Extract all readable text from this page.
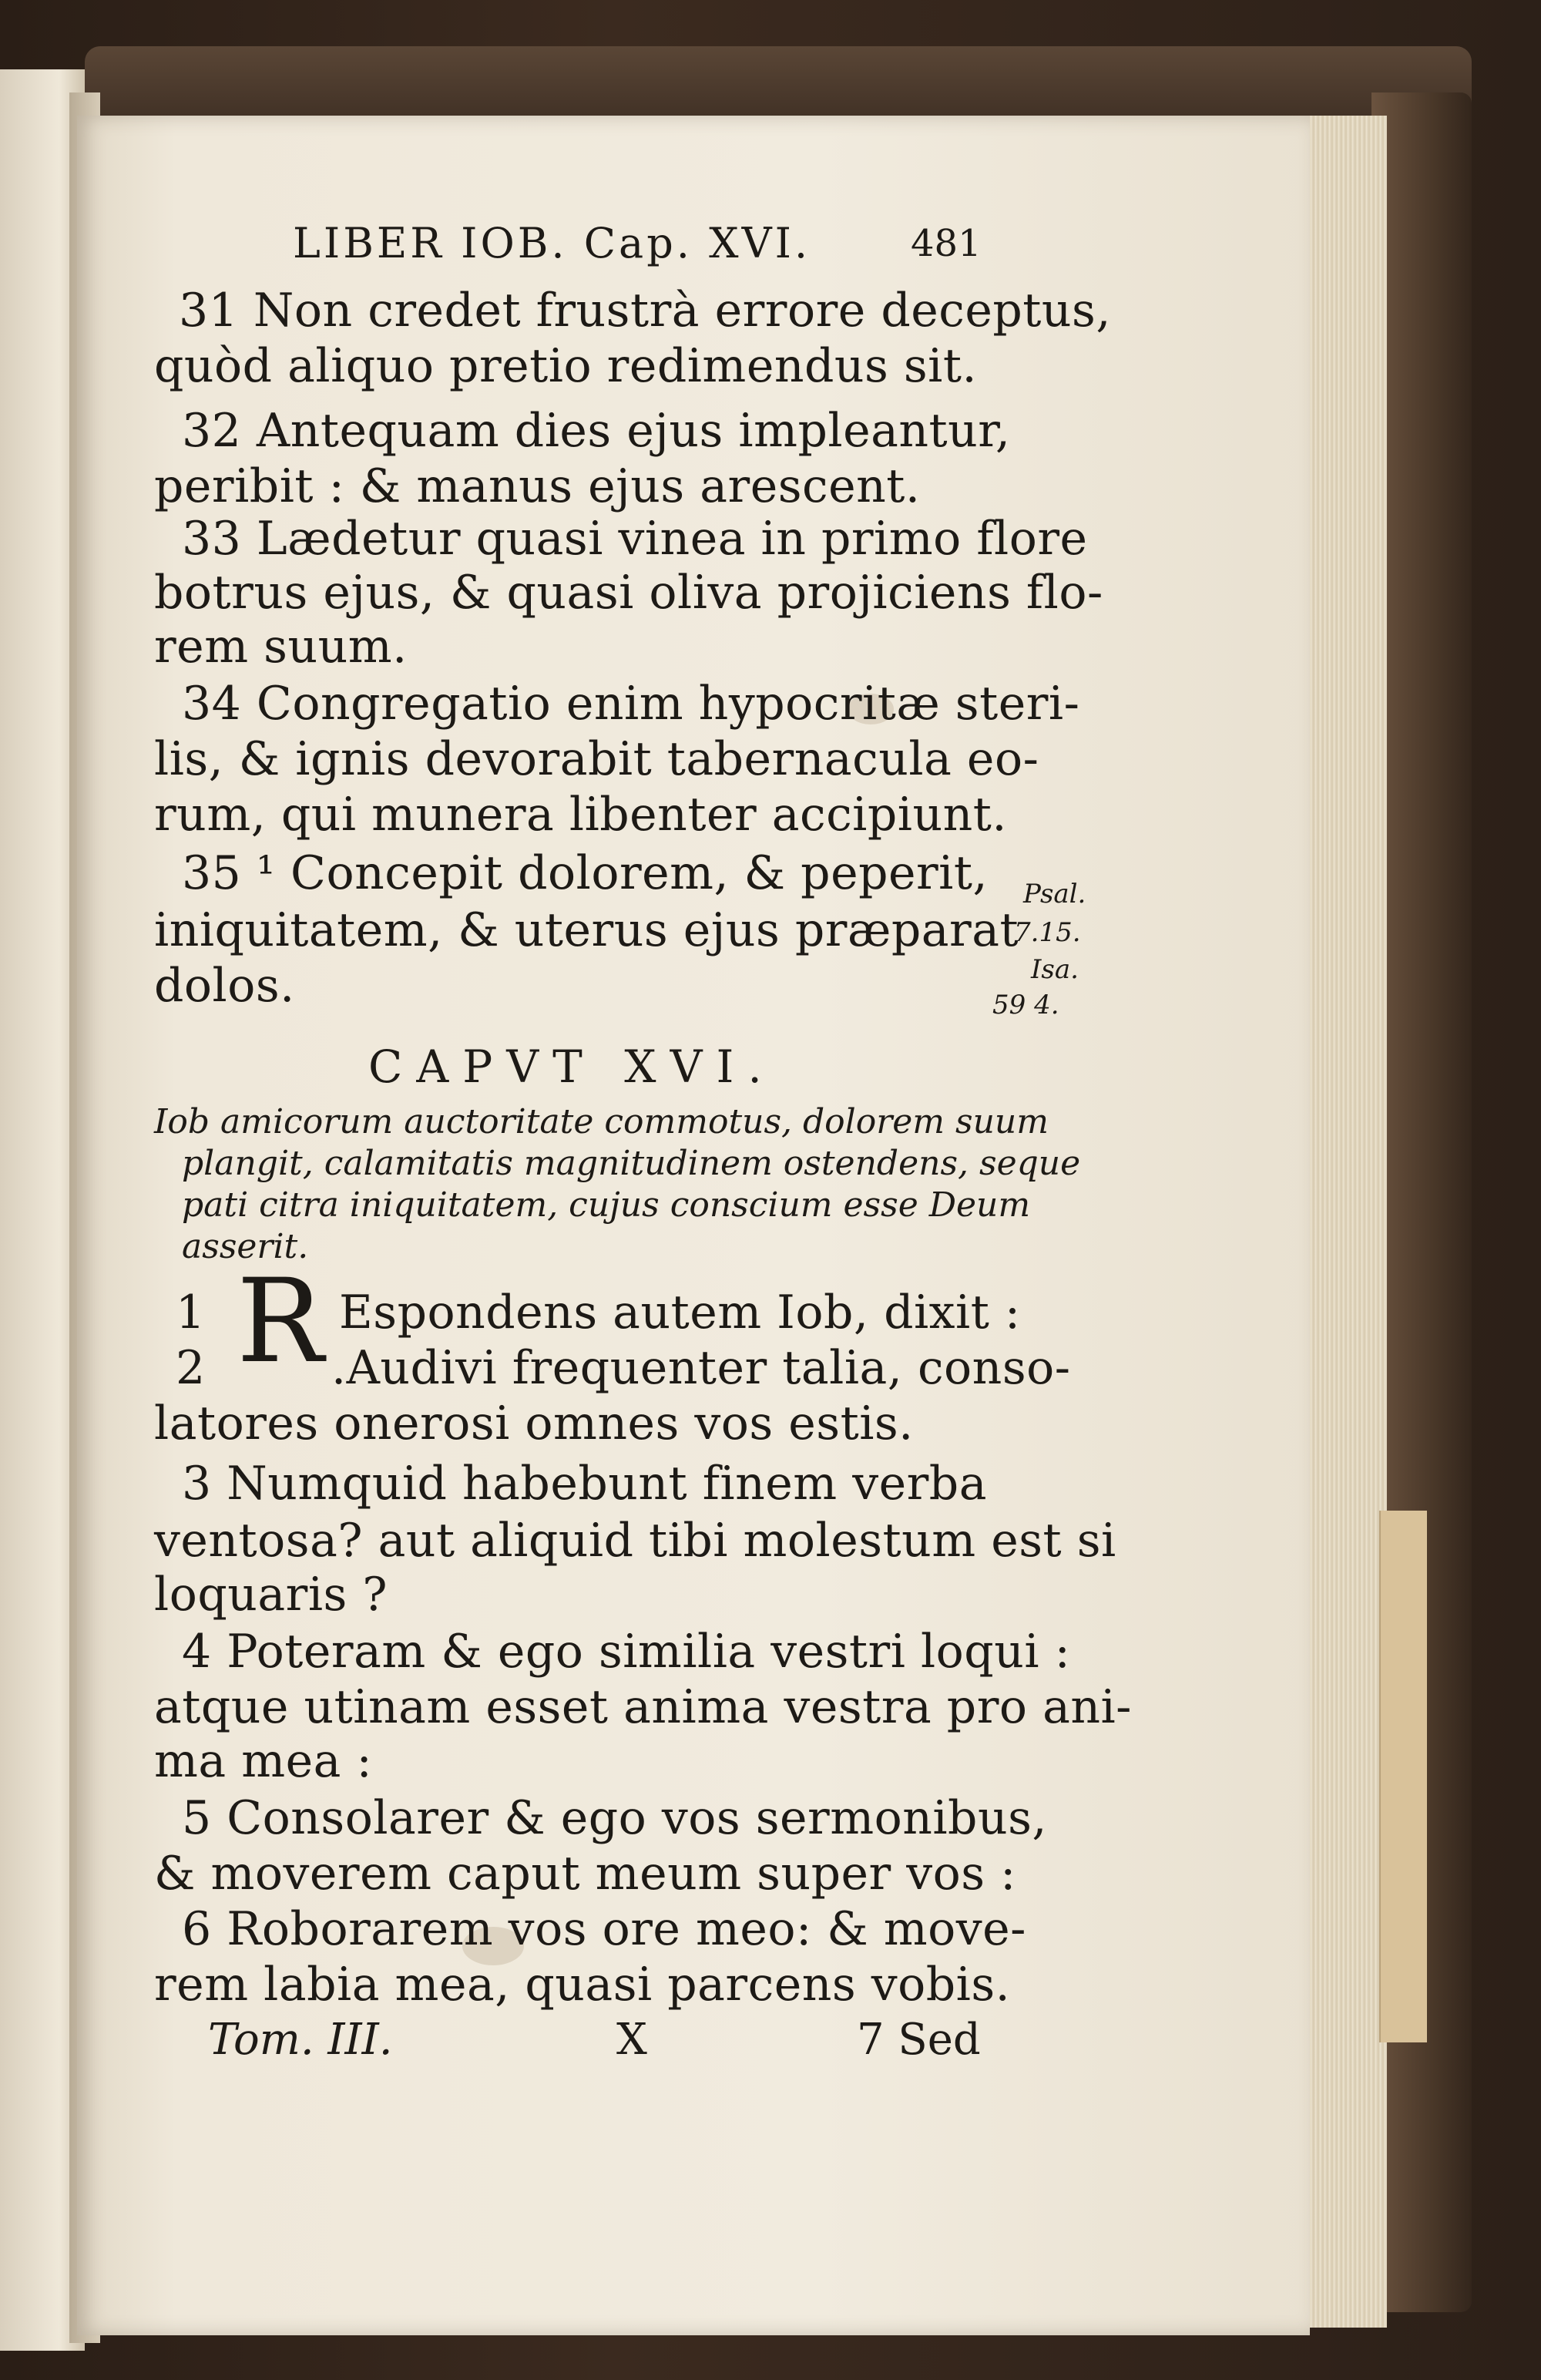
LIBER IOB. Cap. XVI.	481
31 Non credet frustrà errore deceptus,
quòd aliquo pretio redimendus sit.
32 Antequam dies ejus impleantur,
peribit : & manus ejus arescent.
33 Lædetur quasi vinea in primo flore
botrus ejus, & quasi oliva projiciens flo-
rem suum.
34 Congregatio enim hypocritæ steri-
lis, & ignis devorabit tabernacula eo-
rum, qui munera libenter accipiunt.
35 ¹ Concepit dolorem, & peperit,
iniquitatem, & uterus ejus præparat
dolos.
Psal.
7.15.
Isa.
59 4.
CAPVT XVI.
Iob amicorum auctoritate commotus, dolorem suum
plangit, calamitatis magnitudinem ostendens, seque
pati citra iniquitatem, cujus conscium esse Deum
asserit.
1
2 R Espondens autem Iob, dixit :
.Audivi frequenter talia, conso-
latores onerosi omnes vos estis.
3 Numquid habebunt finem verba
ventosa? aut aliquid tibi molestum est si
loquaris ?
4 Poteram & ego similia vestri loqui :
atque utinam esset anima vestra pro ani-
ma mea :
5 Consolarer & ego vos sermonibus,
& moverem caput meum super vos :
6 Roborarem vos ore meo: & move-
rem labia mea, quasi parcens vobis.
Tom. III.	X	7 Sed
